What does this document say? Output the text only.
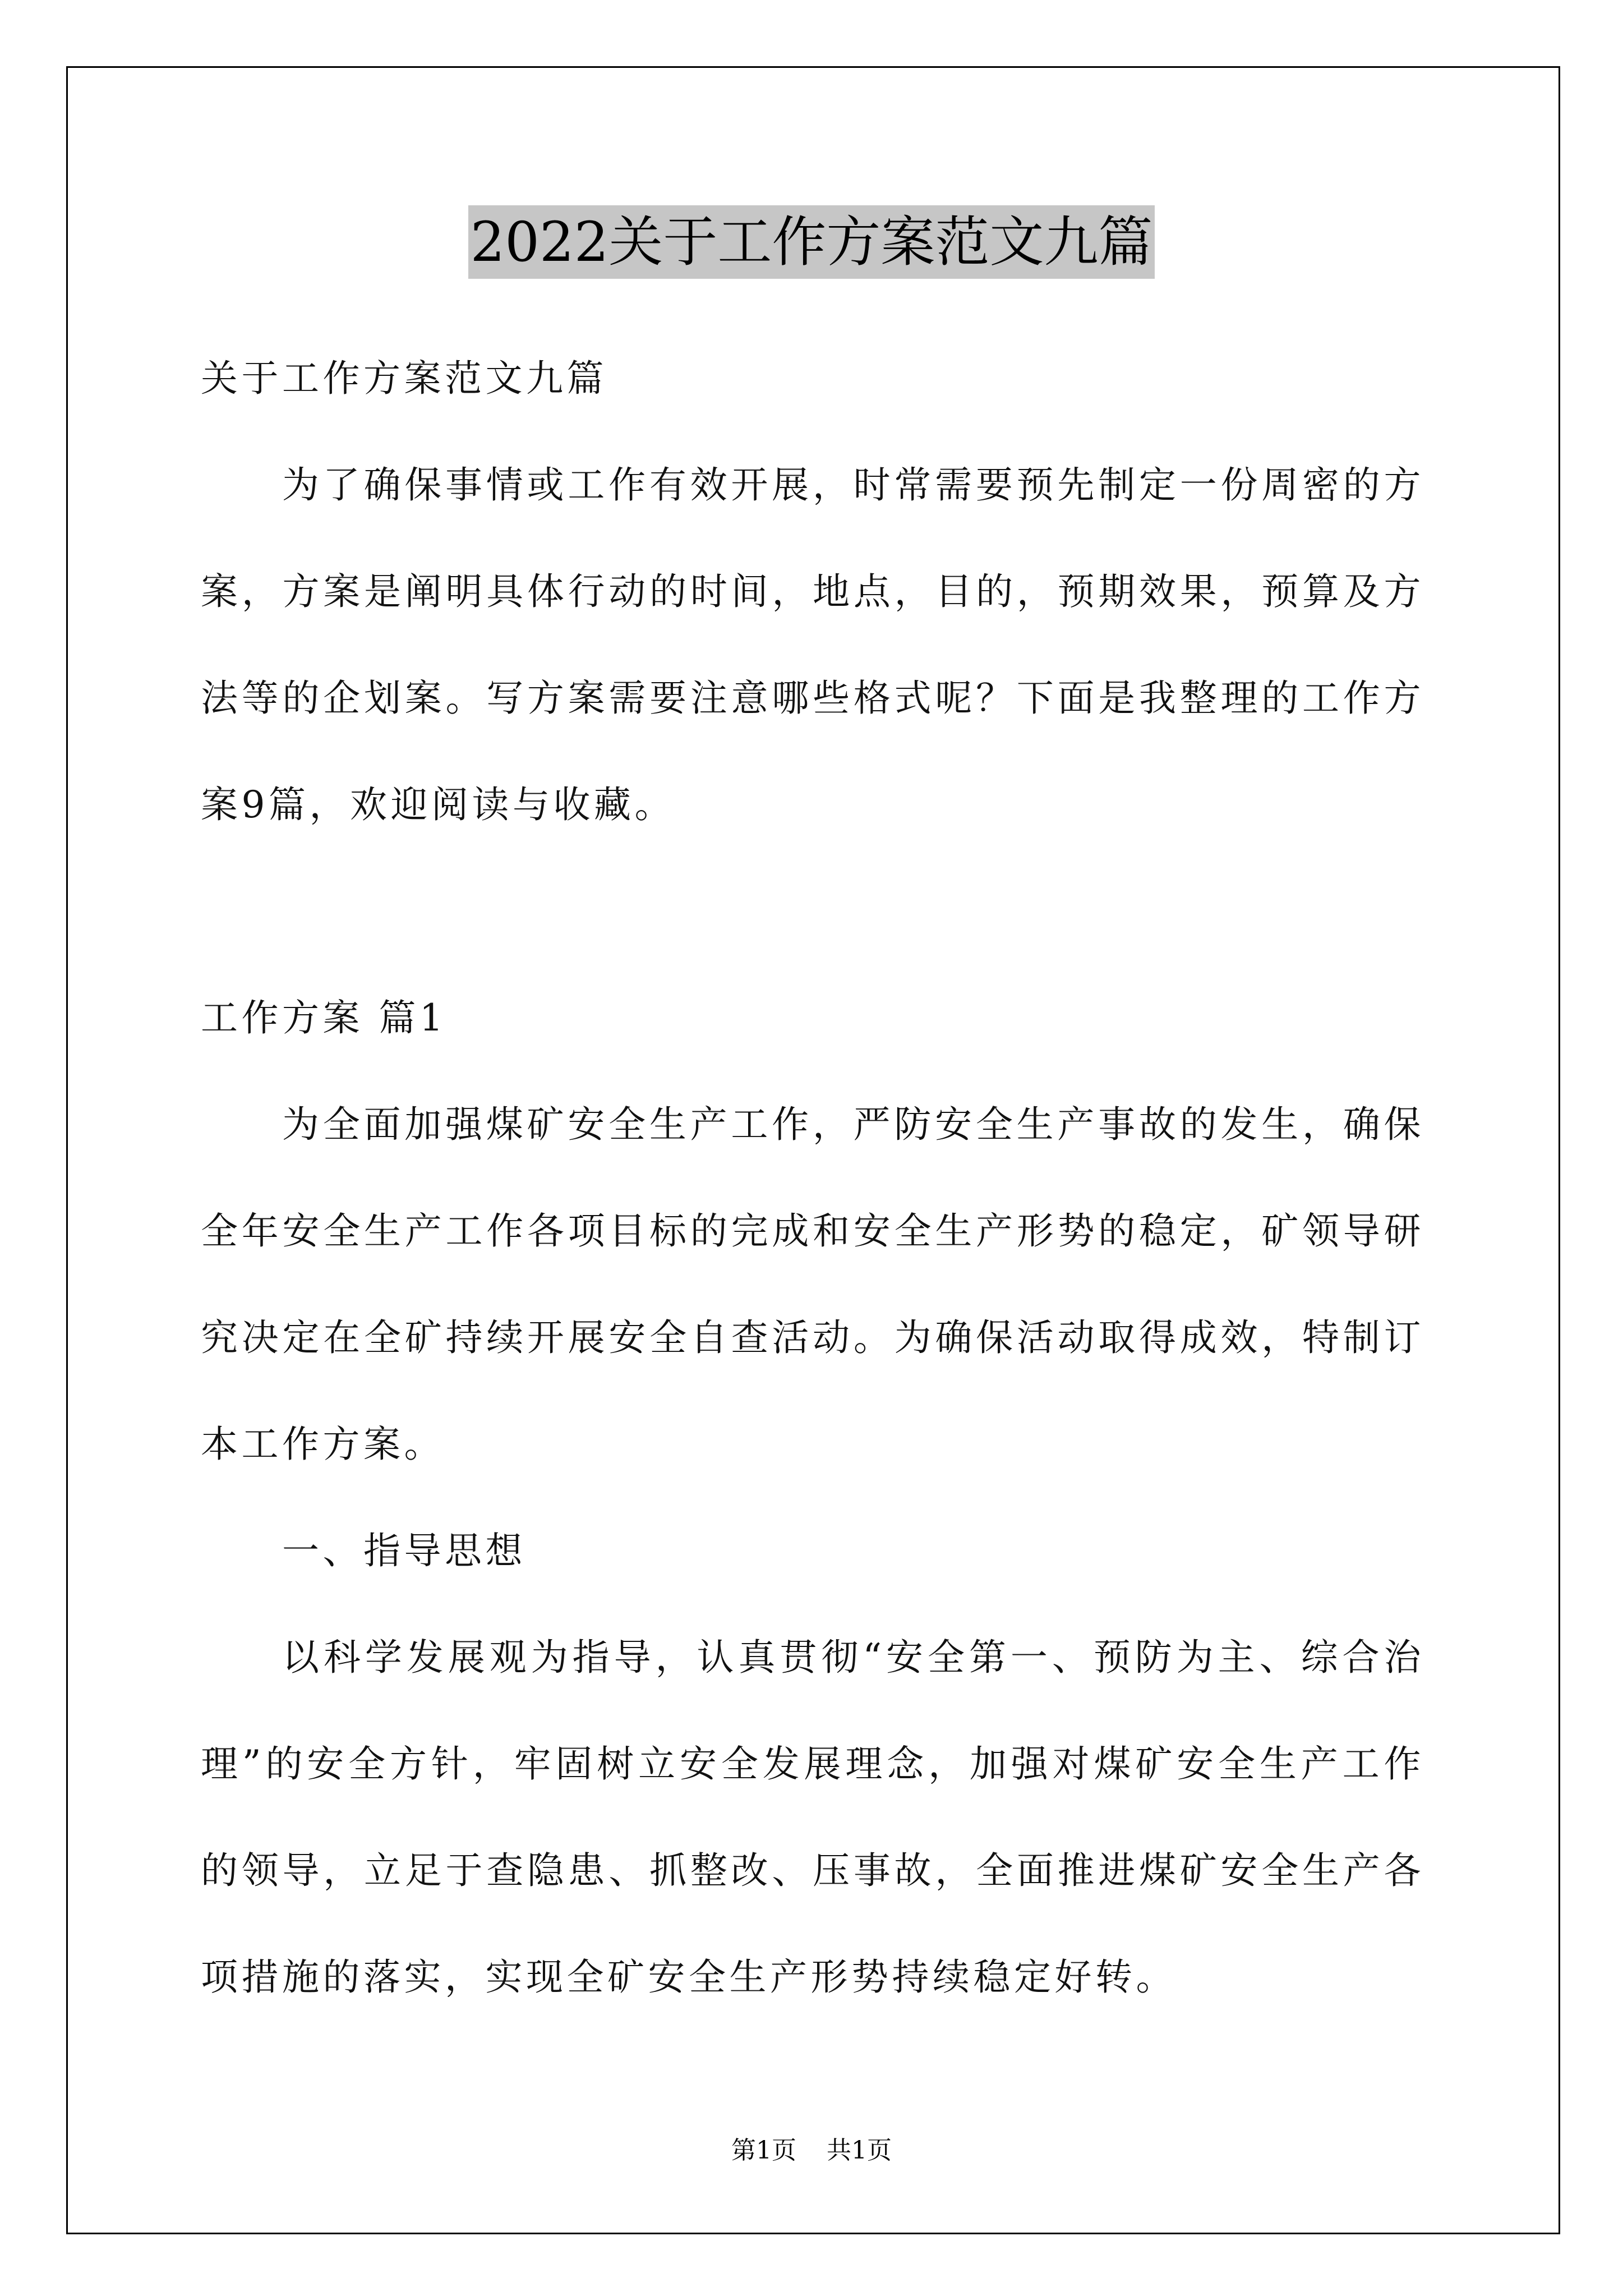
2022关于工作方案范文九篇
关于工作方案范文九篇
为了确保事情或工作有效开展，时常需要预先制定一份周密的方
案，方案是阐明具体行动的时间，地点，目的，预期效果，预算及方
法等的企划案。写方案需要注意哪些格式呢？下面是我整理的工作方
案9篇，欢迎阅读与收藏。
工作方案 篇1
为全面加强煤矿安全生产工作，严防安全生产事故的发生，确保
全年安全生产工作各项目标的完成和安全生产形势的稳定，矿领导研
究决定在全矿持续开展安全自查活动。为确保活动取得成效，特制订
本工作方案。
一、指导思想
以科学发展观为指导，认真贯彻“安全第一、预防为主、综合治
理”的安全方针，牢固树立安全发展理念，加强对煤矿安全生产工作
的领导，立足于查隐患、抓整改、压事故，全面推进煤矿安全生产各
项措施的落实，实现全矿安全生产形势持续稳定好转。
第1页 共1页
